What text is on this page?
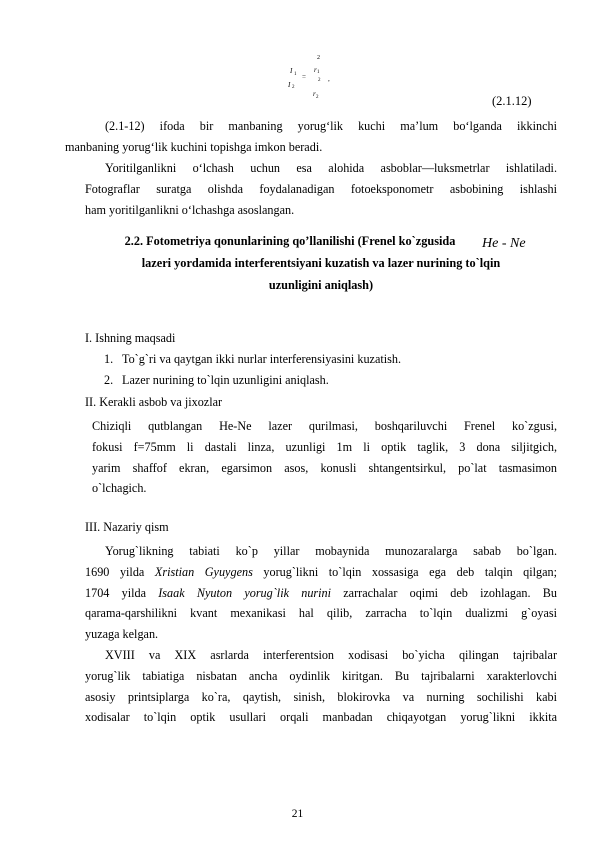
I 1
I 2
=
2
r 1
2
r 2
,
(2.1.12)
(2.1-12) ifoda bir manbaning yorug‘lik kuchi ma’lum bo‘lganda ikkinchi
manbaning yorug‘lik kuchini topishga imkon beradi.
Yoritilganlikni o‘lchash uchun esa alohida asboblar—luksmetrlar ishlatiladi.
Fotograflar suratga olishda foydalanadigan fotoeksponometr asbobining ishlashi
ham yoritilganlikni o‘lchashga asoslangan.
2.2. Fotometriya qonunlarining qo’llanilishi (Frenel ko`zgusida
lazeri yordamida interferentsiyani kuzatish va lazer nurining to`lqin
uzunligini aniqlash)
He - Ne
I. Ishning maqsadi
1. To`g`ri va qaytgan ikki nurlar interferensiyasini kuzatish.
2. Lazer nurining to`lqin uzunligini aniqlash.
II. Kerakli asbob va jixozlar
Chiziqli qutblangan He-Ne lazer qurilmasi, boshqariluvchi Frenel ko`zgusi,
fokusi f=75mm li dastali linza, uzunligi 1m li optik taglik, 3 dona siljitgich,
yarim shaffof ekran, egarsimon asos, konusli shtangentsirkul, po`lat tasmasimon
o`lchagich.
III. Nazariy qism
Yorug`likning tabiati ko`p yillar mobaynida munozaralarga sabab bo`lgan.
1690 yilda Xristian Gyuygens yorug`likni to`lqin xossasiga ega deb talqin qilgan;
1704 yilda Isaak Nyuton yorug`lik nurini zarrachalar oqimi deb izohlagan. Bu
qarama-qarshilikni kvant mexanikasi hal qilib, zarracha to`lqin dualizmi g`oyasi
yuzaga kelgan.
XVIII va XIX asrlarda interferentsion xodisasi bo`yicha qilingan tajribalar
yorug`lik tabiatiga nisbatan ancha oydinlik kiritgan. Bu tajribalarni xarakterlovchi
asosiy printsiplarga ko`ra, qaytish, sinish, blokirovka va nurning sochilishi kabi
xodisalar to`lqin optik usullari orqali manbadan chiqayotgan yorug`likni ikkita
21
